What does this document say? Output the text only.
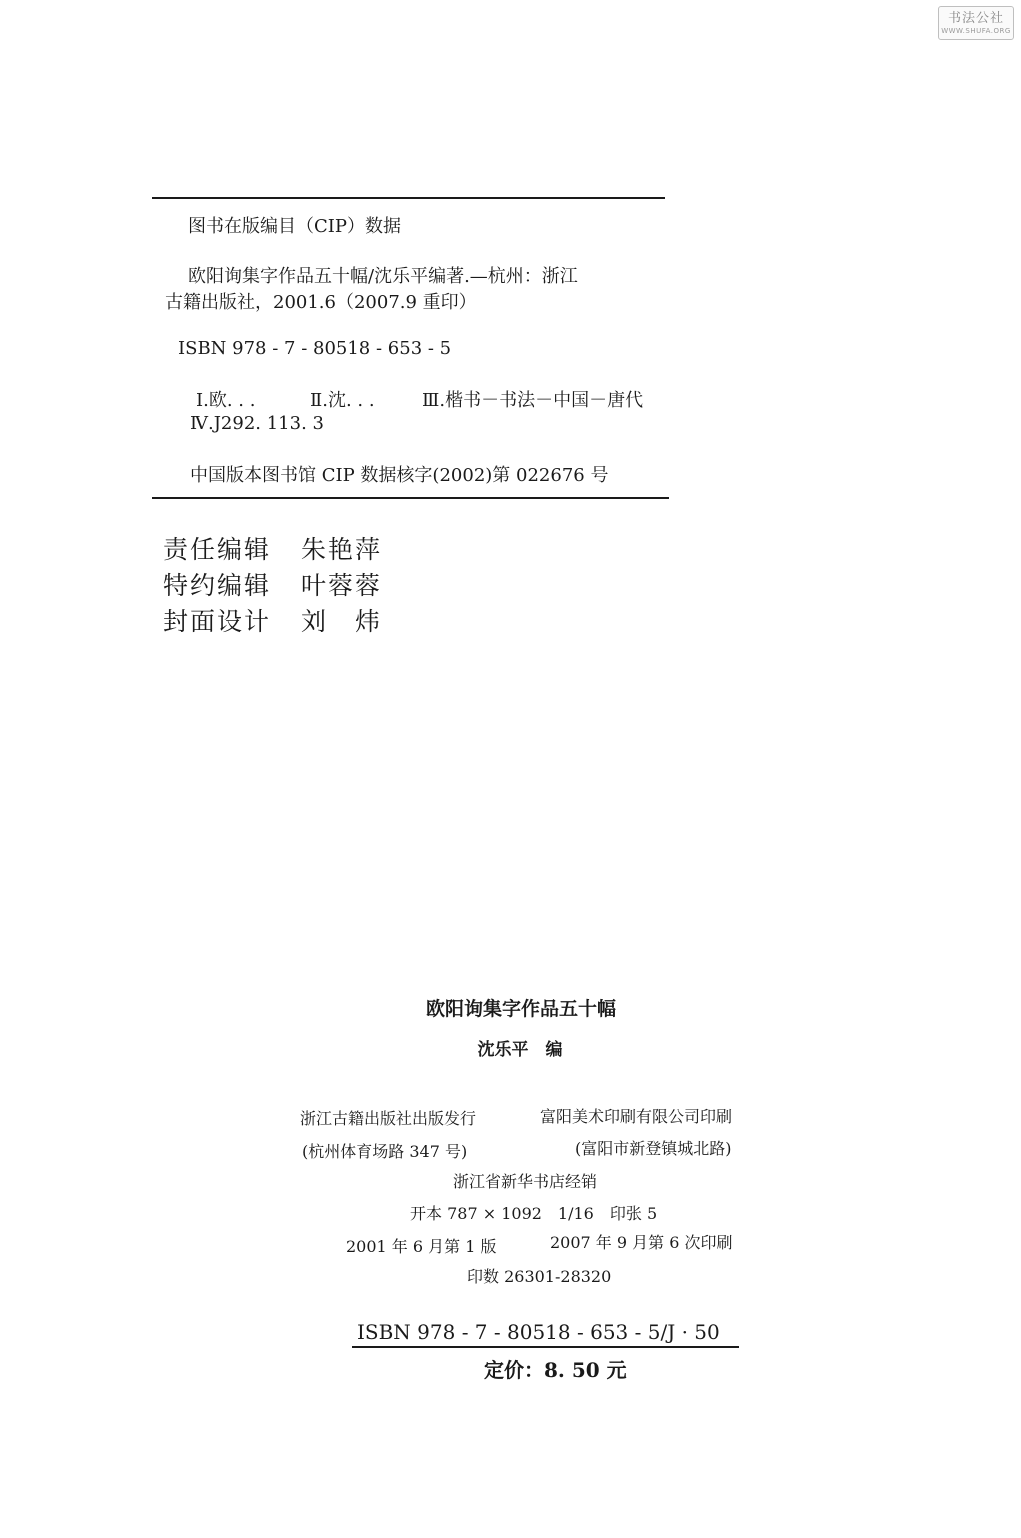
书法公社
WWW.SHUFA.ORG
图书在版编目（CIP）数据
欧阳询集字作品五十幅/沈乐平编著.—杭州：浙江
古籍出版社，2001.6（2007.9 重印）
ISBN 978 - 7 - 80518 - 653 - 5
Ⅰ.欧. . .	Ⅱ.沈. . .	Ⅲ.楷书－书法－中国－唐代
Ⅳ.J292. 113. 3
中国版本图书馆 CIP 数据核字(2002)第 022676 号
责任编辑 朱艳萍
特约编辑 叶蓉蓉
封面设计 刘　炜
欧阳询集字作品五十幅
沈乐平　编
浙江古籍出版社出版发行	富阳美术印刷有限公司印刷
(杭州体育场路 347 号)	(富阳市新登镇城北路)
浙江省新华书店经销
开本 787 × 1092　1/16　印张 5
2001 年 6 月第 1 版	2007 年 9 月第 6 次印刷
印数 26301-28320
ISBN 978 - 7 - 80518 - 653 - 5/J · 50
定价：8. 50 元
